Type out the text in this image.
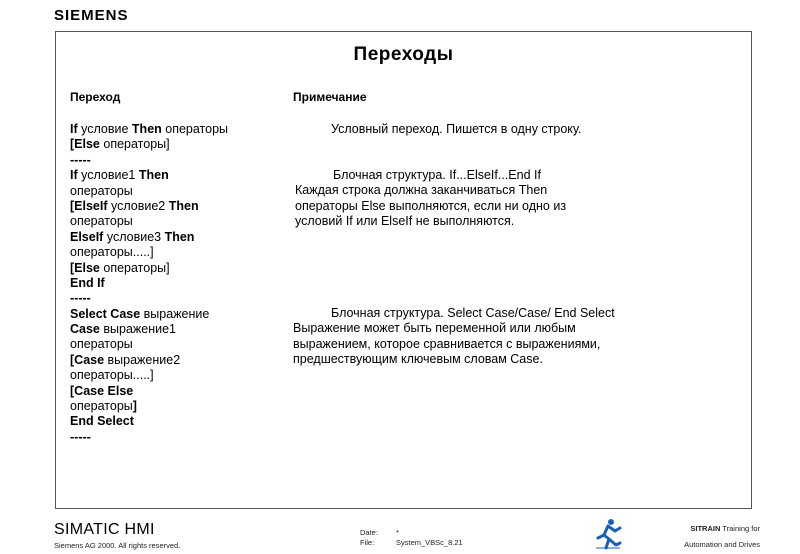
SIEMENS
Переходы
Переход	Примечание
If условие Then операторы
[Else операторы]
-----
If условие1 Then
операторы
[ElseIf условие2 Then
операторы
ElseIf условие3 Then
операторы.....]
[Else операторы]
End If
-----
Select Case выражение
Case выражение1
операторы
[Case выражение2
операторы.....]
[Case Else
операторы]
End Select
-----
Условный переход. Пишется в одну строку.
Блочная структура. If...ElseIf...End If
Каждая строка должна заканчиваться Then
операторы Else выполняются, если ни одно из
условий If или ElseIf не выполняются.
Блочная структура. Select Case/Case/ End Select
Выражение может быть переменной или любым
выражением, которое сравнивается с выражениями,
предшествующим ключевым словам Case.
SIMATIC HMI
Siemens AG 2000. All rights reserved.
Date: *
File:	System_VBSc_8.21
SITRAIN Training for
Automation and Drives
